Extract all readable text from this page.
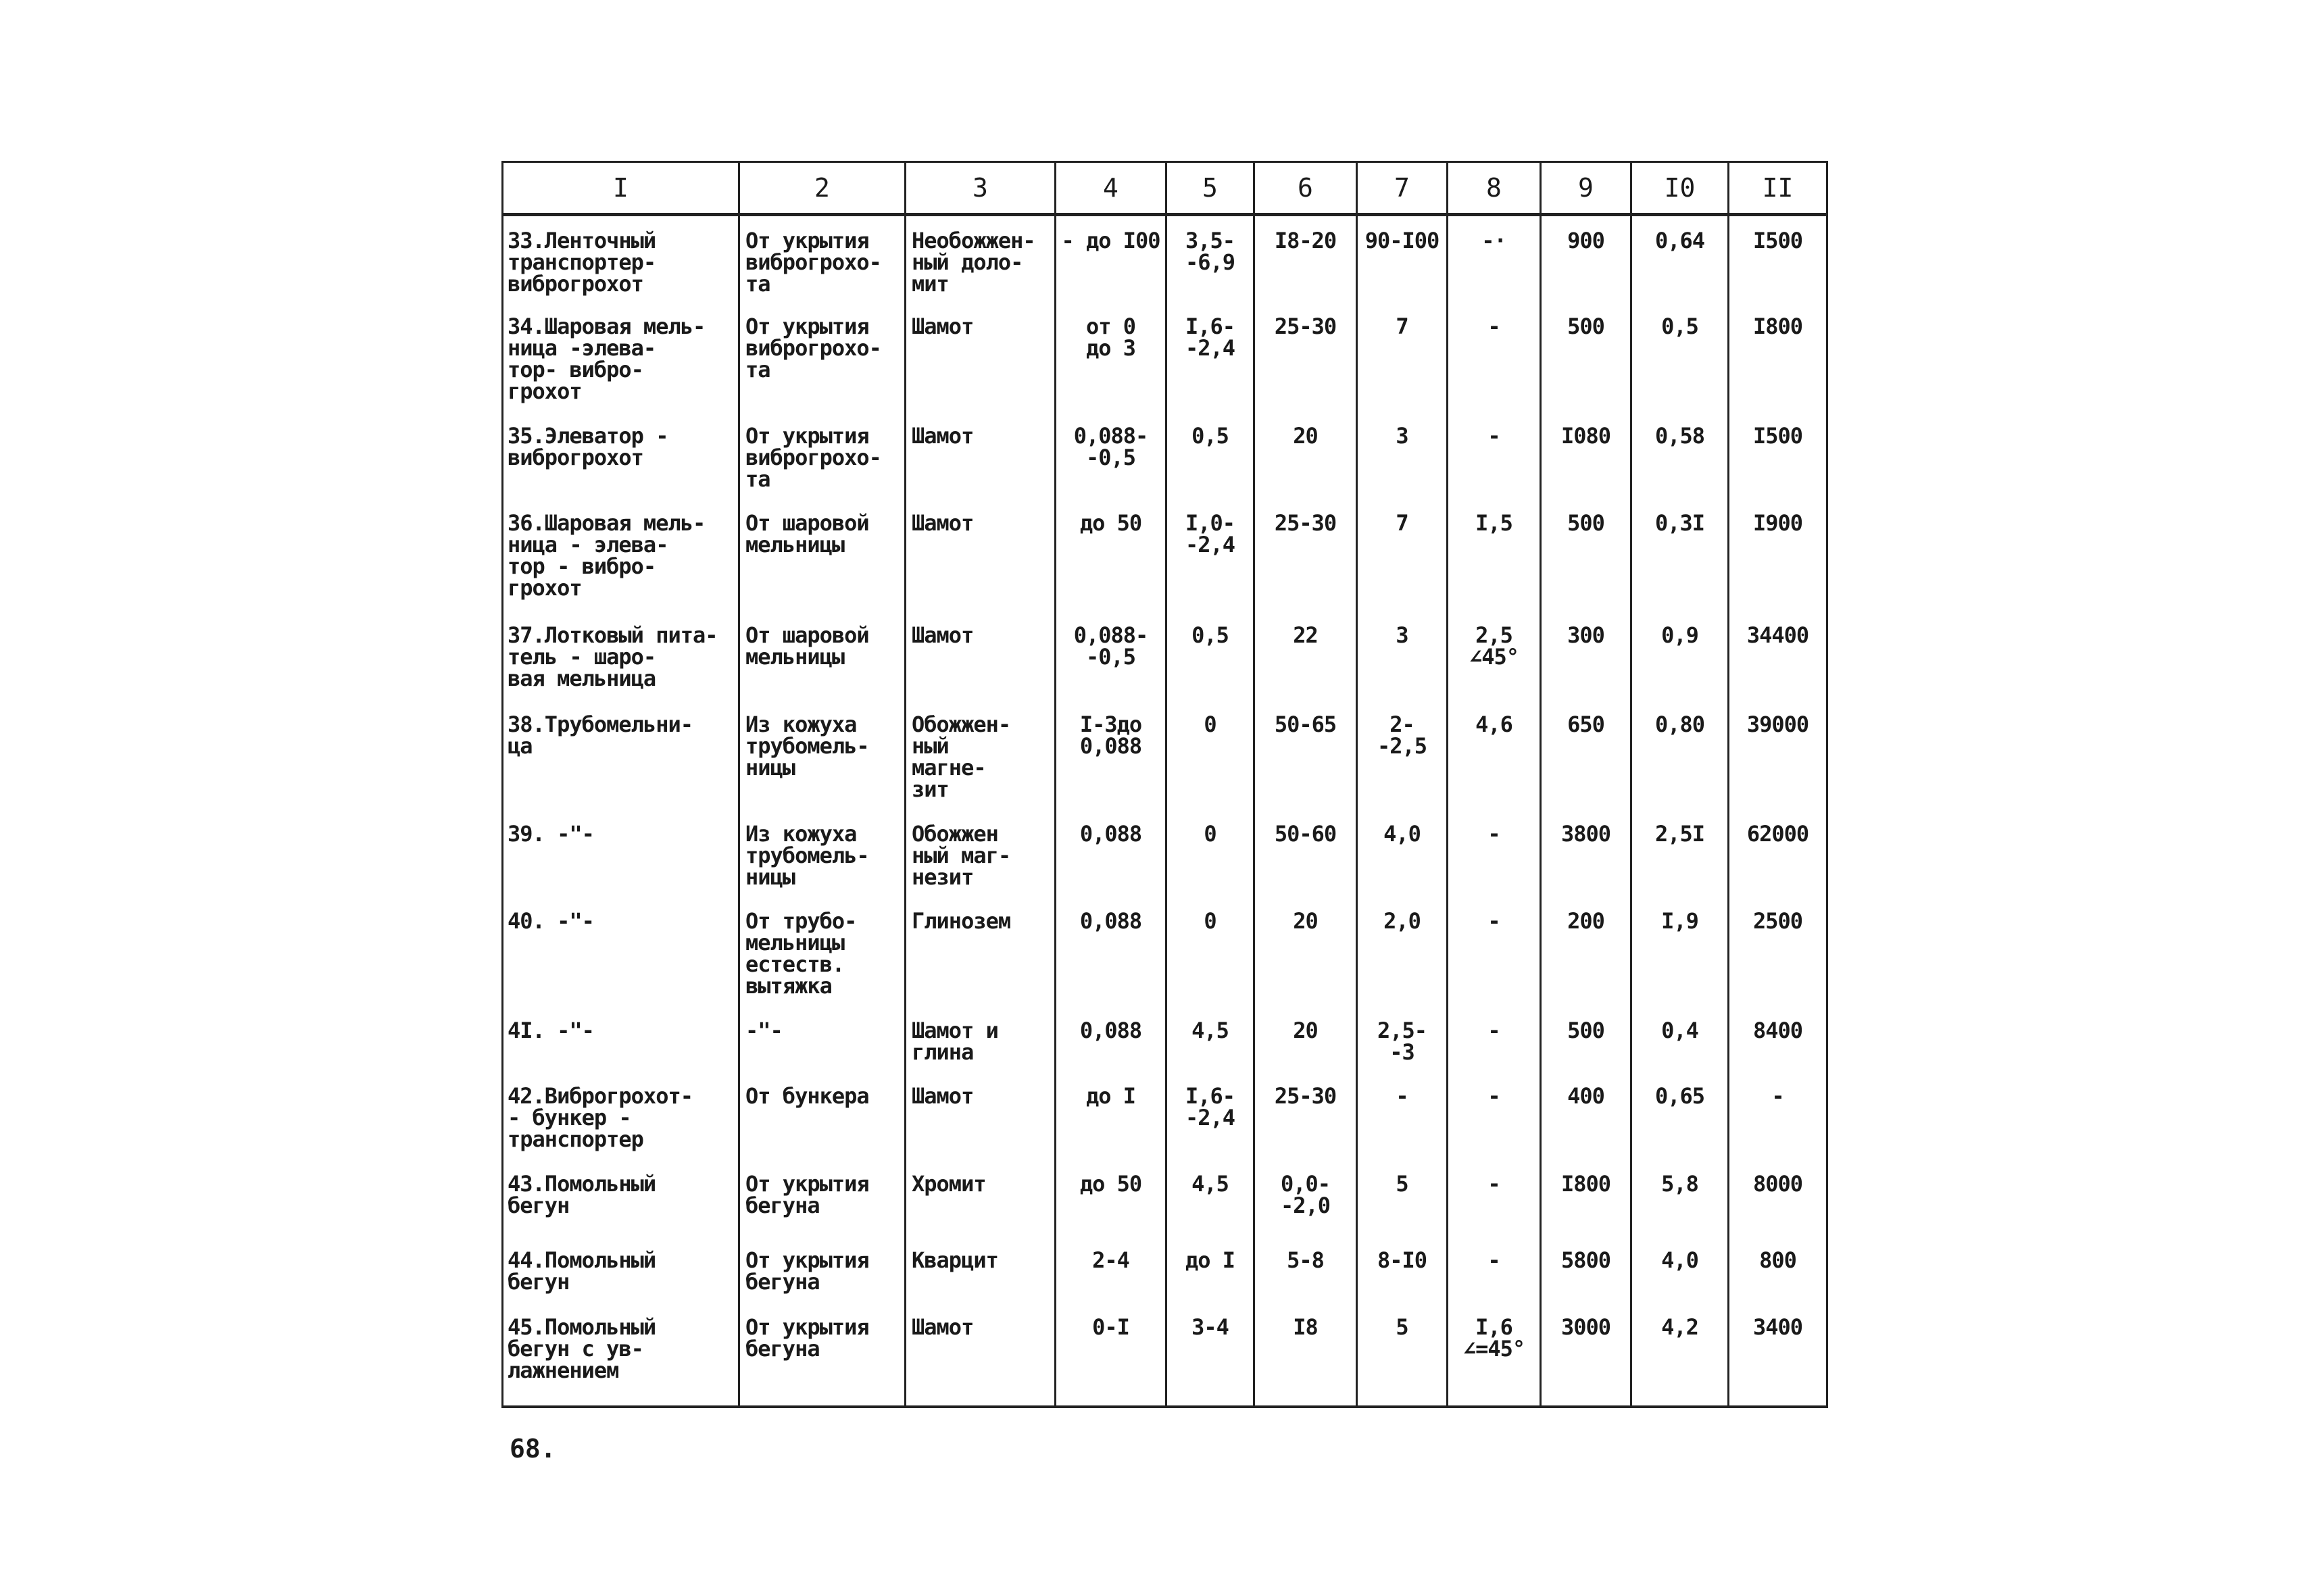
I	2	3	4	5	6	7	8	9	I0	II

33.Ленточный
транспортер-
виброгрохот	От укрытия
виброгрохо-
та	Необожжен-
ный доло-
мит	- до I00	3,5-
-6,9	I8-20	90-I00	-·	900	0,64	I500

34.Шаровая мель-
ница -элева-
тор- вибро-
грохот	От укрытия
виброгрохо-
та	Шамот	от 0
до 3	I,6-
-2,4	25-30	7	-	500	0,5	I800

35.Элеватор -
виброгрохот	От укрытия
виброгрохо-
та	Шамот	0,088-
-0,5	0,5	20	3	-	I080	0,58	I500

36.Шаровая мель-
ница - элева-
тор - вибро-
грохот	От шаровой
мельницы	Шамот	до 50	I,0-
-2,4	25-30	7	I,5	500	0,3I	I900

37.Лотковый пита-
тель - шаро-
вая мельница	От шаровой
мельницы	Шамот	0,088-
-0,5	0,5	22	3	2,5
∠45°	300	0,9	34400

38.Трубомельни-
ца	Из кожуха
трубомель-
ницы	Обожжен-
ный
магне-
зит	I-3до
0,088	0	50-65	2-
-2,5	4,6	650	0,80	39000

39. -"-	Из кожуха
трубомель-
ницы	Обожжен
ный маг-
незит	0,088	0	50-60	4,0	-	3800	2,5I	62000

40. -"-	От трубо-
мельницы
естеств.
вытяжка	Глинозем	0,088	0	20	2,0	-	200	I,9	2500

4I. -"-	-"-	Шамот и
глина	0,088	4,5	20	2,5-
-3	-	500	0,4	8400

42.Виброгрохот-
- бункер -
транспортер	От бункера	Шамот	до I	I,6-
-2,4	25-30	-	-	400	0,65	-

43.Помольный
бегун	От укрытия
бегуна	Хромит	до 50	4,5	0,0-
-2,0	5	-	I800	5,8	8000

44.Помольный
бегун	От укрытия
бегуна	Кварцит	2-4	до I	5-8	8-I0	-	5800	4,0	800

45.Помольный
бегун с ув-
лажнением	От укрытия
бегуна	Шамот	0-I	3-4	I8	5	I,6
∠=45°	3000	4,2	3400
68.
